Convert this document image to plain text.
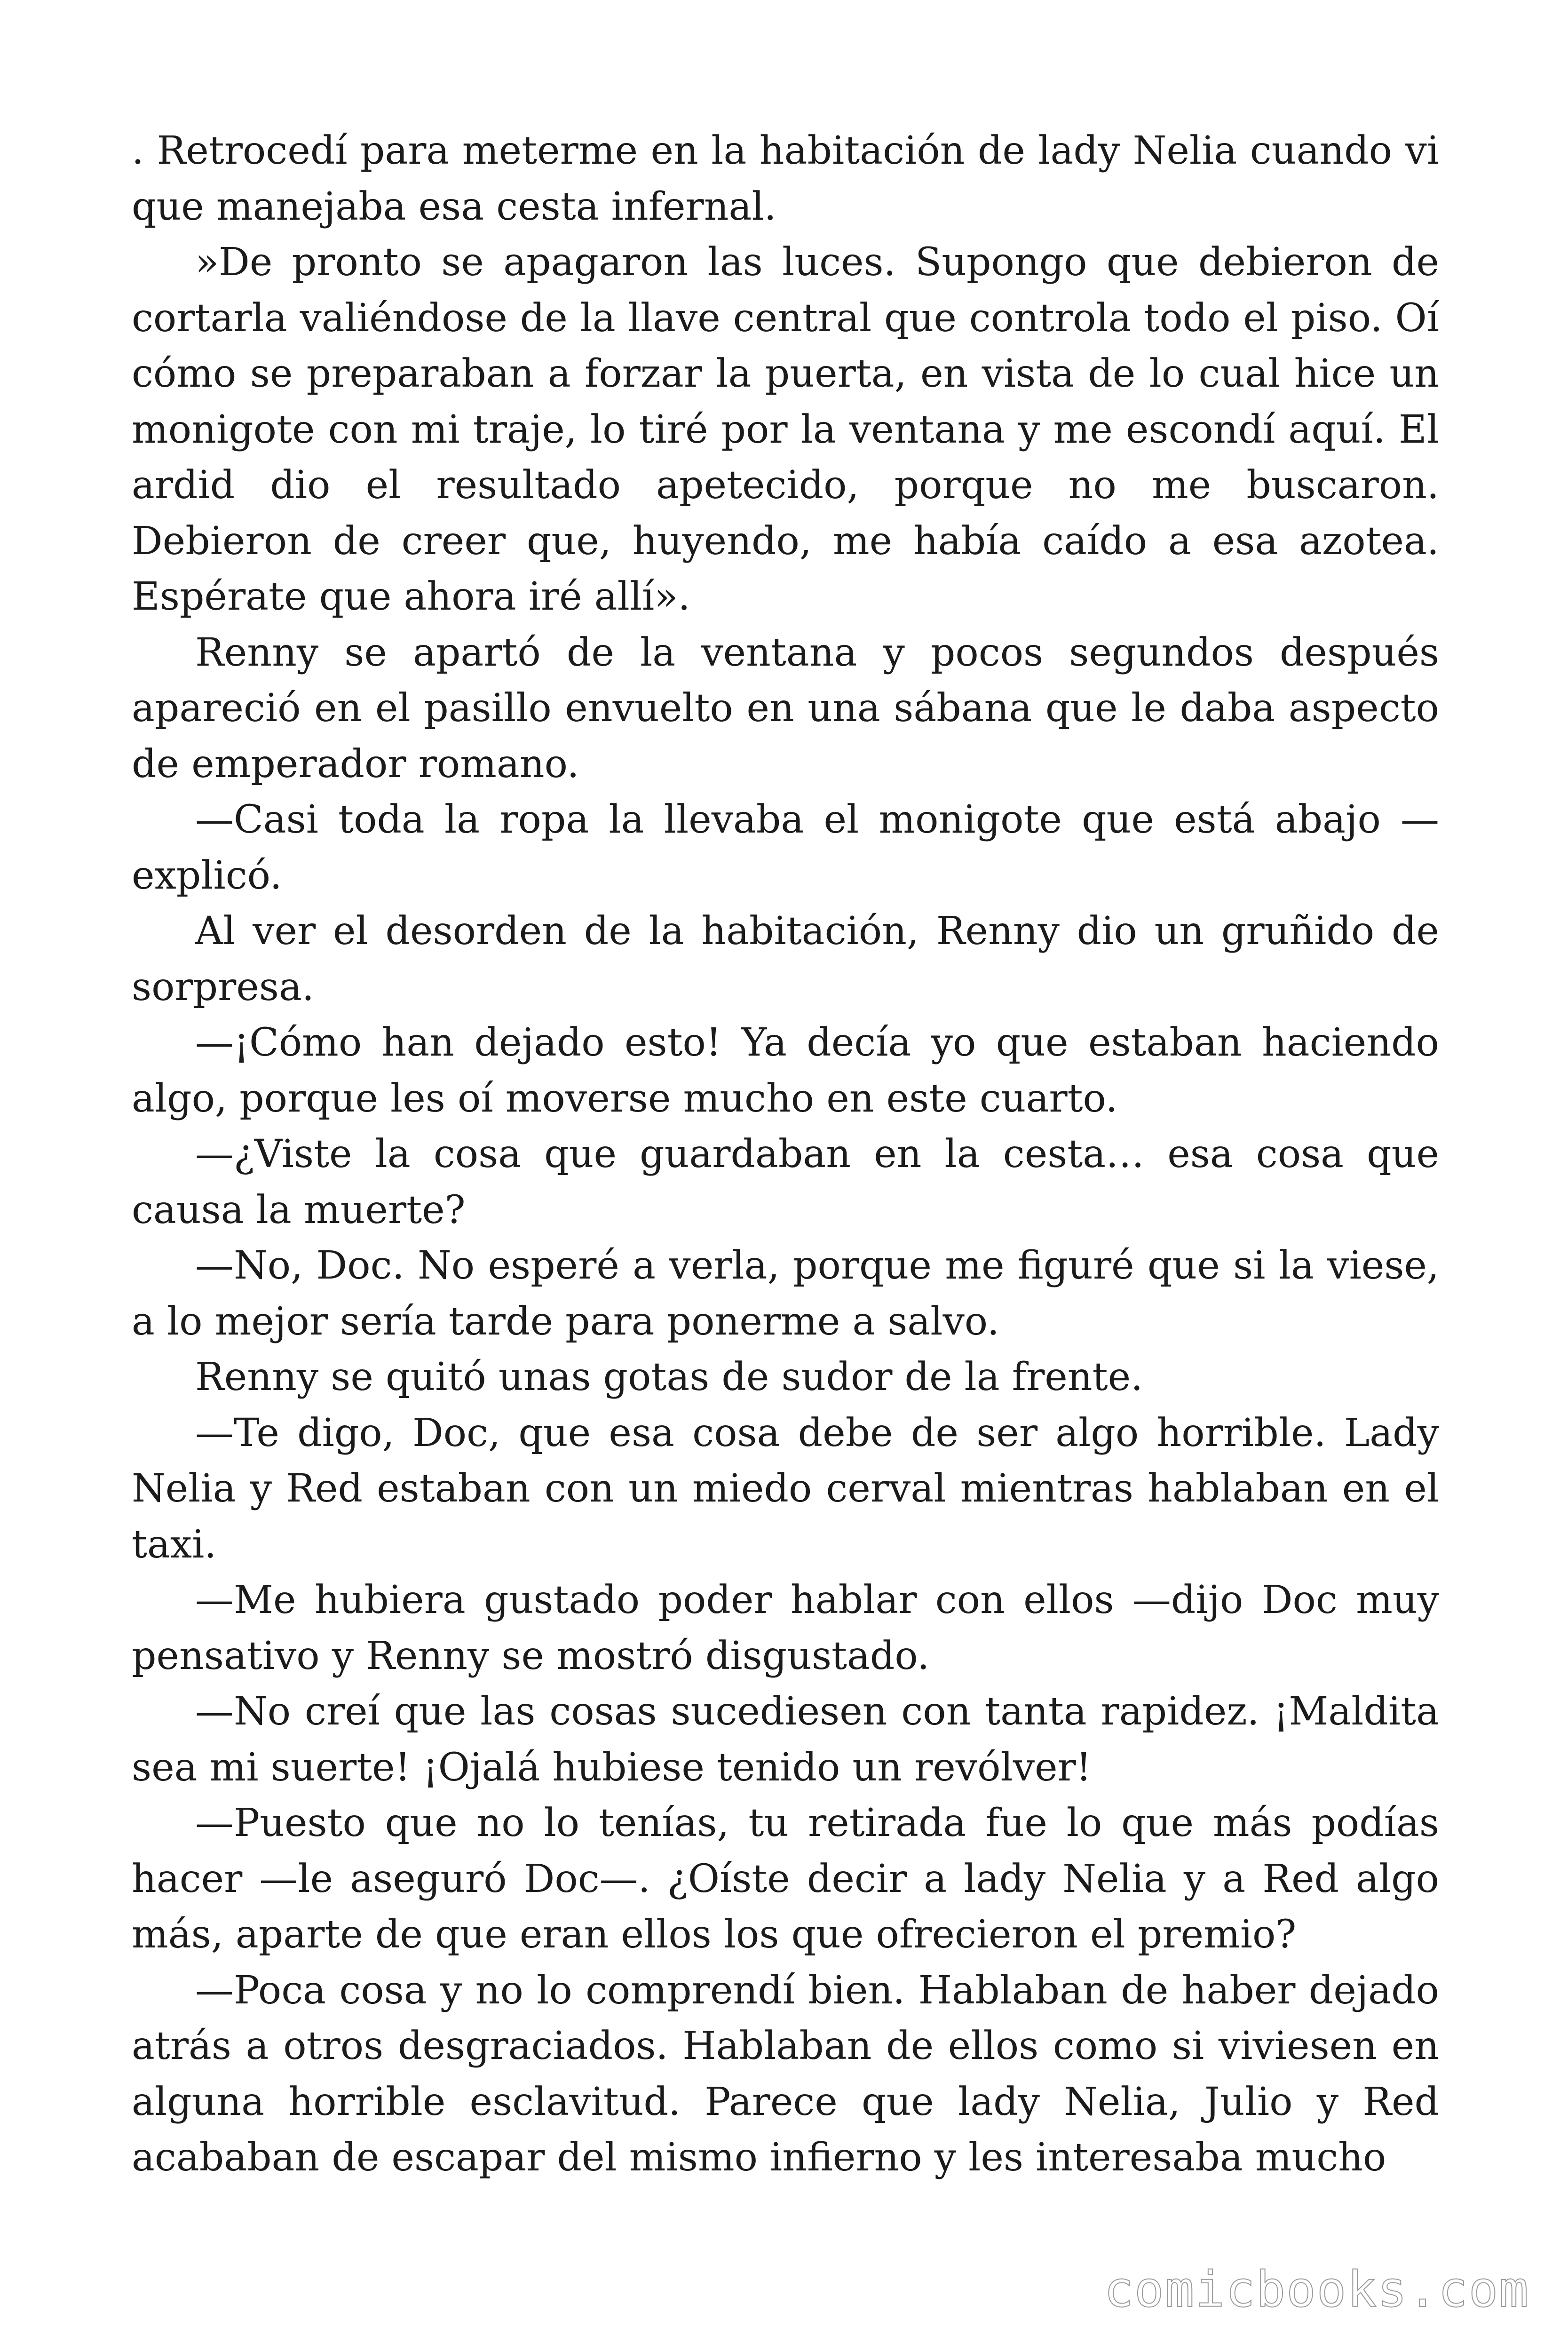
. Retrocedí para meterme en la habitación de lady Nelia cuando vi que manejaba esa cesta infernal.

»De pronto se apagaron las luces. Supongo que debieron de cortarla valiéndose de la llave central que controla todo el piso. Oí cómo se preparaban a forzar la puerta, en vista de lo cual hice un monigote con mi traje, lo tiré por la ventana y me escondí aquí. El ardid dio el resultado apetecido, porque no me buscaron. Debieron de creer que, huyendo, me había caído a esa azotea. Espérate que ahora iré allí».

Renny se apartó de la ventana y pocos segundos después apareció en el pasillo envuelto en una sábana que le daba aspecto de emperador romano.

—Casi toda la ropa la llevaba el monigote que está abajo — explicó.

Al ver el desorden de la habitación, Renny dio un gruñido de sorpresa.

—¡Cómo han dejado esto! Ya decía yo que estaban haciendo algo, porque les oí moverse mucho en este cuarto.

—¿Viste la cosa que guardaban en la cesta… esa cosa que causa la muerte?

—No, Doc. No esperé a verla, porque me figuré que si la viese, a lo mejor sería tarde para ponerme a salvo.

Renny se quitó unas gotas de sudor de la frente.

—Te digo, Doc, que esa cosa debe de ser algo horrible. Lady Nelia y Red estaban con un miedo cerval mientras hablaban en el taxi.

—Me hubiera gustado poder hablar con ellos —dijo Doc muy pensativo y Renny se mostró disgustado.

—No creí que las cosas sucediesen con tanta rapidez. ¡Maldita sea mi suerte! ¡Ojalá hubiese tenido un revólver!

—Puesto que no lo tenías, tu retirada fue lo que más podías hacer —le aseguró Doc—. ¿Oíste decir a lady Nelia y a Red algo más, aparte de que eran ellos los que ofrecieron el premio?

—Poca cosa y no lo comprendí bien. Hablaban de haber dejado atrás a otros desgraciados. Hablaban de ellos como si viviesen en alguna horrible esclavitud. Parece que lady Nelia, Julio y Red acababan de escapar del mismo infierno y les interesaba mucho

comicbooks.com
